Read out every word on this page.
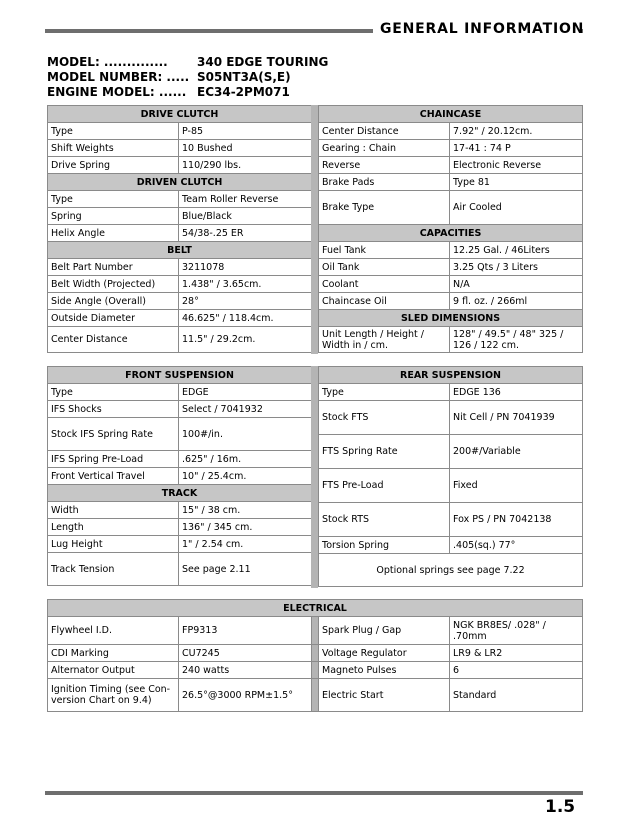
GENERAL INFORMATION
MODEL: .............. 340 EDGE TOURING
MODEL NUMBER: ..... S05NT3A(S,E)
ENGINE MODEL: ...... EC34-2PM071
DRIVE CLUTCH	
Type	P-85
Shift Weights	10 Bushed
Drive Spring	110/290 lbs.
DRIVEN CLUTCH	
Type	Team Roller Reverse
Spring	Blue/Black
Helix Angle	54/38-.25 ER
BELT	
Belt Part Number	3211078
Belt Width (Projected)	1.438" / 3.65cm.
Side Angle (Overall)	28°
Outside Diameter	46.625" / 118.4cm.
Center Distance	11.5" / 29.2cm.
CHAINCASE	
Center Distance	7.92" / 20.12cm.
Gearing : Chain	17-41 : 74 P
Reverse	Electronic Reverse
Brake Pads	Type 81
Brake Type	Air Cooled
CAPACITIES	
Fuel Tank	12.25 Gal. / 46Liters
Oil Tank	3.25 Qts / 3 Liters
Coolant	N/A
Chaincase Oil	9 fl. oz. / 266ml
SLED DIMENSIONS	
Unit Length / Height / Width in / cm.	128" / 49.5" / 48" 325 / 126 / 122 cm.
FRONT SUSPENSION	
Type	EDGE
IFS Shocks	Select / 7041932
Stock IFS Spring Rate	100#/in.
IFS Spring Pre-Load	.625" / 16m.
Front Vertical Travel	10" / 25.4cm.
TRACK	
Width	15" / 38 cm.
Length	136" / 345 cm.
Lug Height	1" / 2.54 cm.
Track Tension	See page 2.11
REAR SUSPENSION	
Type	EDGE 136
Stock FTS	Nit Cell / PN 7041939
FTS Spring Rate	200#/Variable
FTS Pre-Load	Fixed
Stock RTS	Fox PS / PN 7042138
Torsion Spring	.405(sq.) 77°
Optional springs see page 7.22	
ELECTRICAL				
Flywheel I.D.	FP9313		Spark Plug / Gap	NGK BR8ES/ .028" / .70mm
CDI Marking	CU7245		Voltage Regulator	LR9 & LR2
Alternator Output	240 watts		Magneto Pulses	6
Ignition Timing (see Con-version Chart on 9.4)	26.5°@3000 RPM±1.5°		Electric Start	Standard
1.5
